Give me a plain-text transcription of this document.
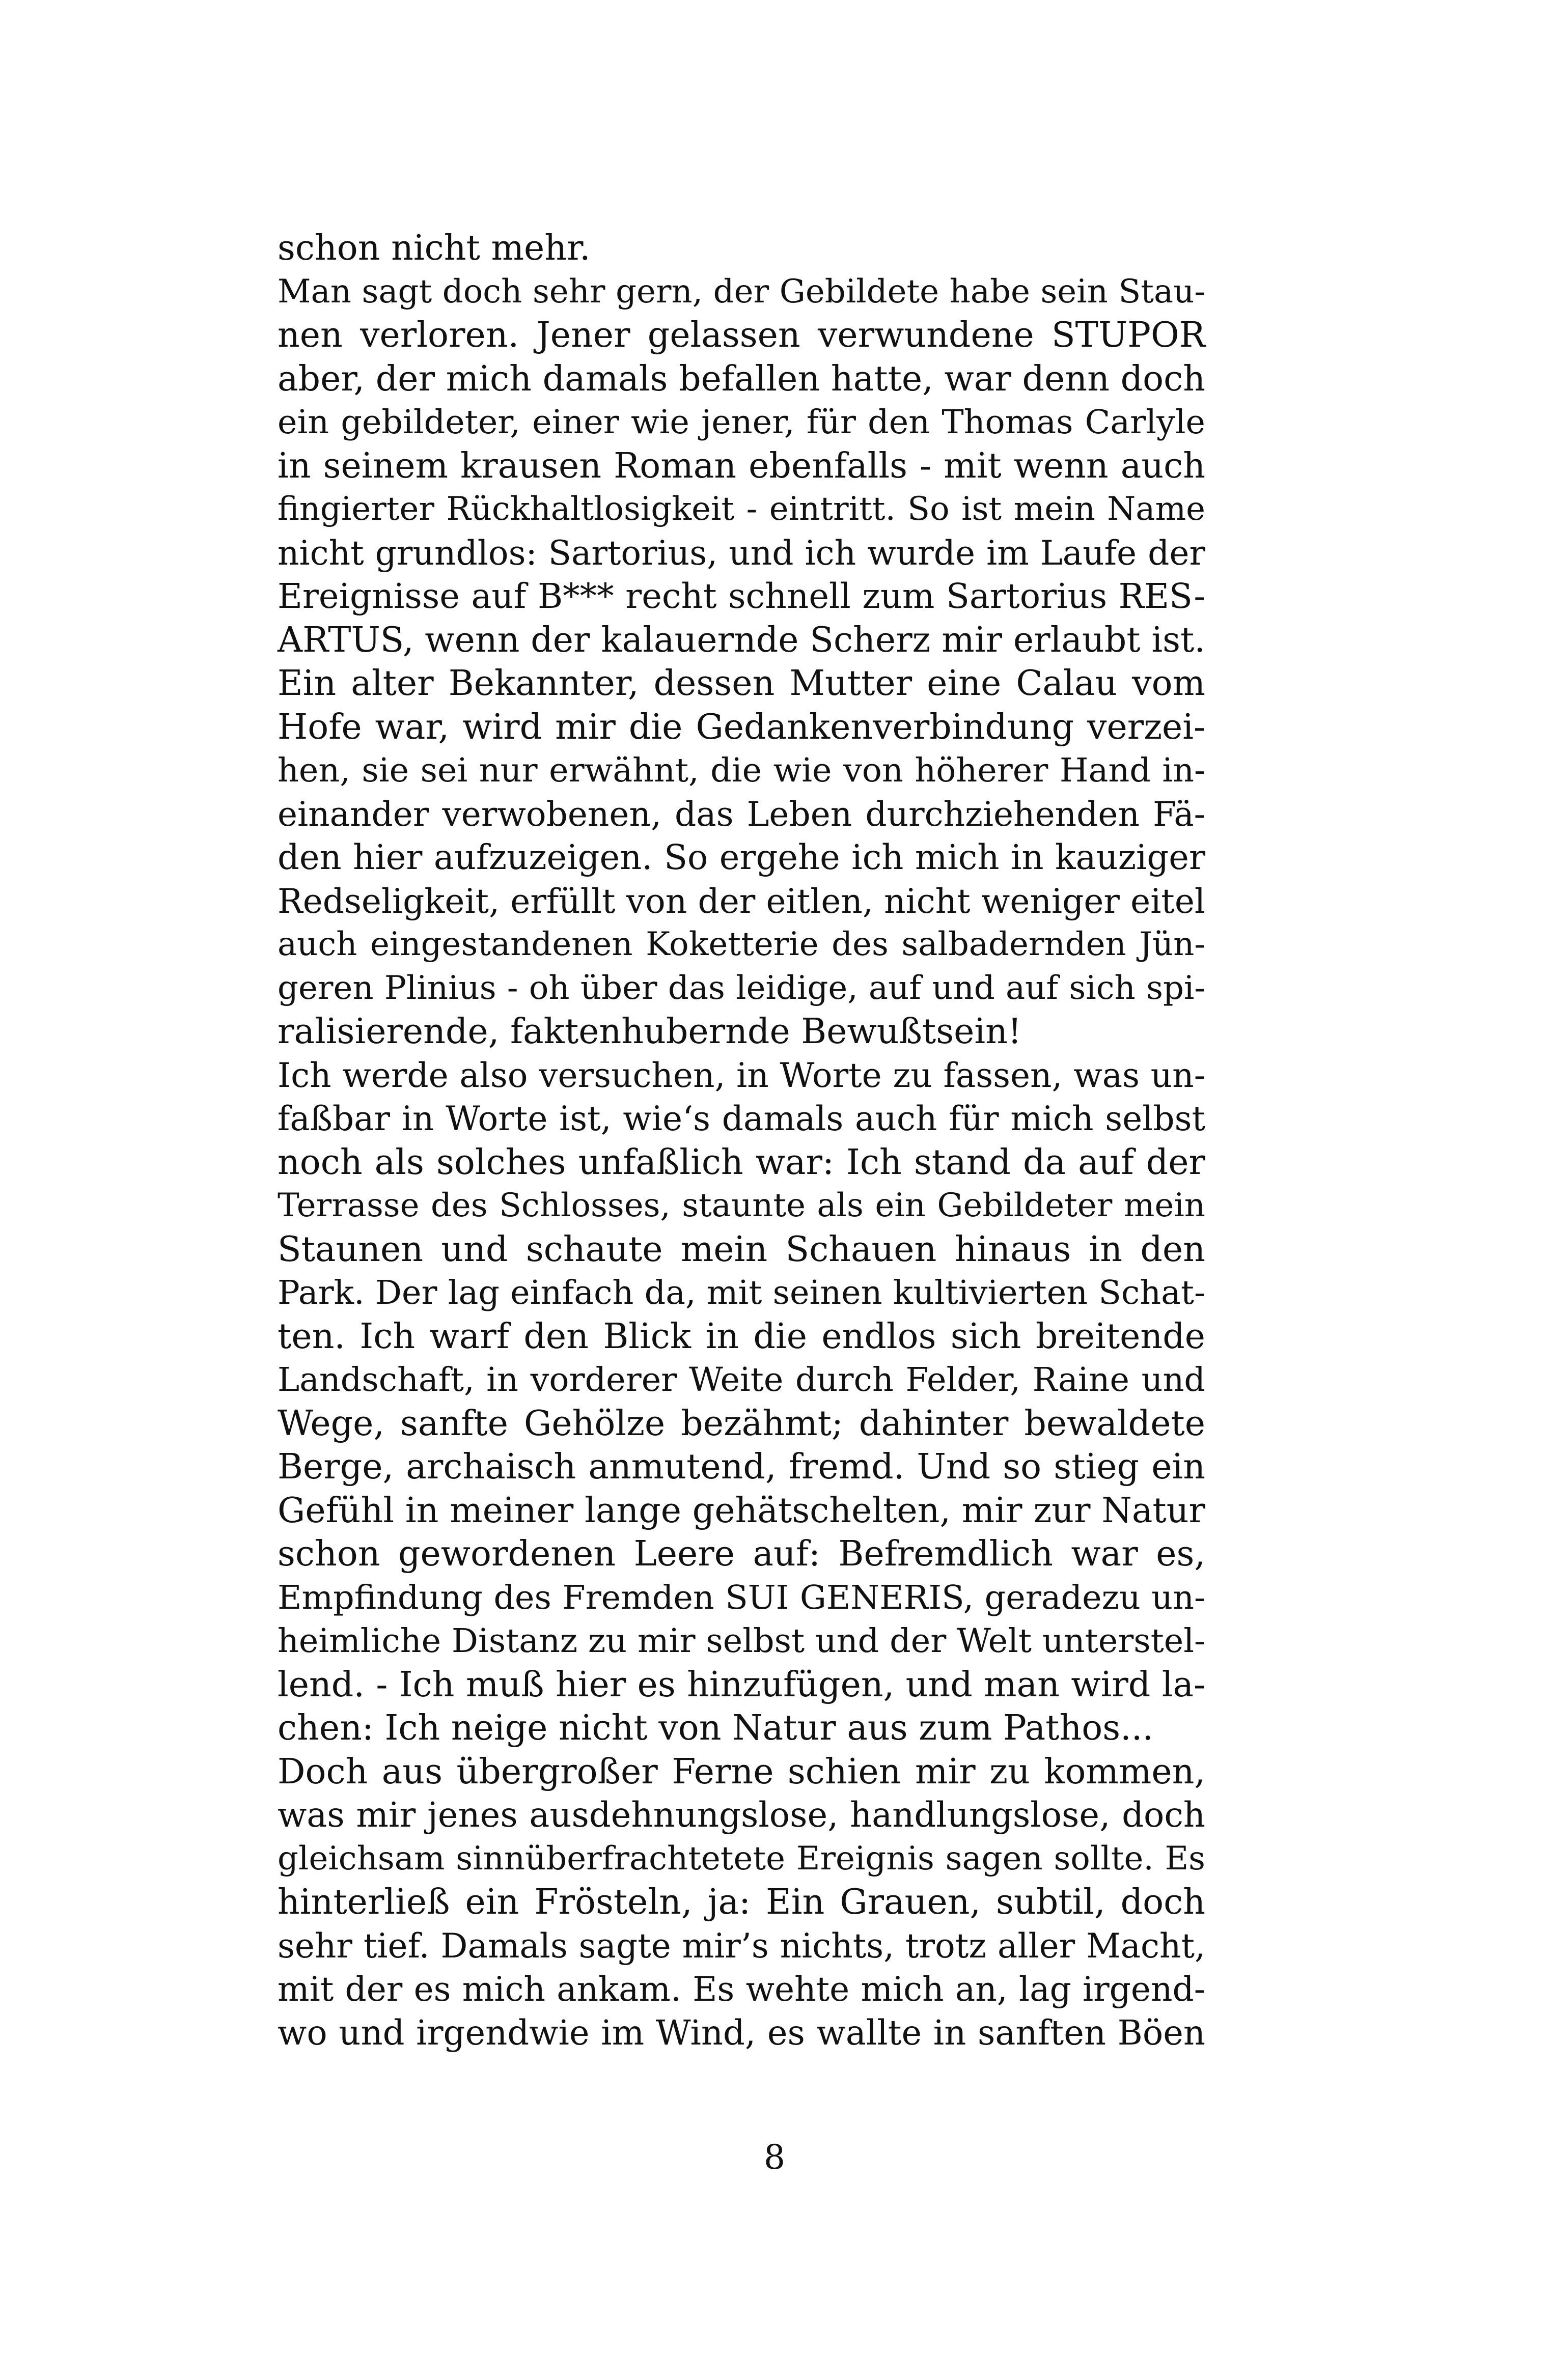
schon nicht mehr.
Man sagt doch sehr gern, der Gebildete habe sein Stau-
nen verloren. Jener gelassen verwundene STUPOR
aber, der mich damals befallen hatte, war denn doch
ein gebildeter, einer wie jener, für den Thomas Carlyle
in seinem krausen Roman ebenfalls - mit wenn auch
fingierter Rückhaltlosigkeit - eintritt. So ist mein Name
nicht grundlos: Sartorius, und ich wurde im Laufe der
Ereignisse auf B*** recht schnell zum Sartorius RES-
ARTUS, wenn der kalauernde Scherz mir erlaubt ist.
Ein alter Bekannter, dessen Mutter eine Calau vom
Hofe war, wird mir die Gedankenverbindung verzei-
hen, sie sei nur erwähnt, die wie von höherer Hand in-
einander verwobenen, das Leben durchziehenden Fä-
den hier aufzuzeigen. So ergehe ich mich in kauziger
Redseligkeit, erfüllt von der eitlen, nicht weniger eitel
auch eingestandenen Koketterie des salbadernden Jün-
geren Plinius - oh über das leidige, auf und auf sich spi-
ralisierende, faktenhubernde Bewußtsein!
Ich werde also versuchen, in Worte zu fassen, was un-
faßbar in Worte ist, wie‘s damals auch für mich selbst
noch als solches unfaßlich war: Ich stand da auf der
Terrasse des Schlosses, staunte als ein Gebildeter mein
Staunen und schaute mein Schauen hinaus in den
Park. Der lag einfach da, mit seinen kultivierten Schat-
ten. Ich warf den Blick in die endlos sich breitende
Landschaft, in vorderer Weite durch Felder, Raine und
Wege, sanfte Gehölze bezähmt; dahinter bewaldete
Berge, archaisch anmutend, fremd. Und so stieg ein
Gefühl in meiner lange gehätschelten, mir zur Natur
schon gewordenen Leere auf: Befremdlich war es,
Empfindung des Fremden SUI GENERIS, geradezu un-
heimliche Distanz zu mir selbst und der Welt unterstel-
lend. - Ich muß hier es hinzufügen, und man wird la-
chen: Ich neige nicht von Natur aus zum Pathos...
Doch aus übergroßer Ferne schien mir zu kommen,
was mir jenes ausdehnungslose, handlungslose, doch
gleichsam sinnüberfrachtetete Ereignis sagen sollte. Es
hinterließ ein Frösteln, ja: Ein Grauen, subtil, doch
sehr tief. Damals sagte mir’s nichts, trotz aller Macht,
mit der es mich ankam. Es wehte mich an, lag irgend-
wo und irgendwie im Wind, es wallte in sanften Böen
8
